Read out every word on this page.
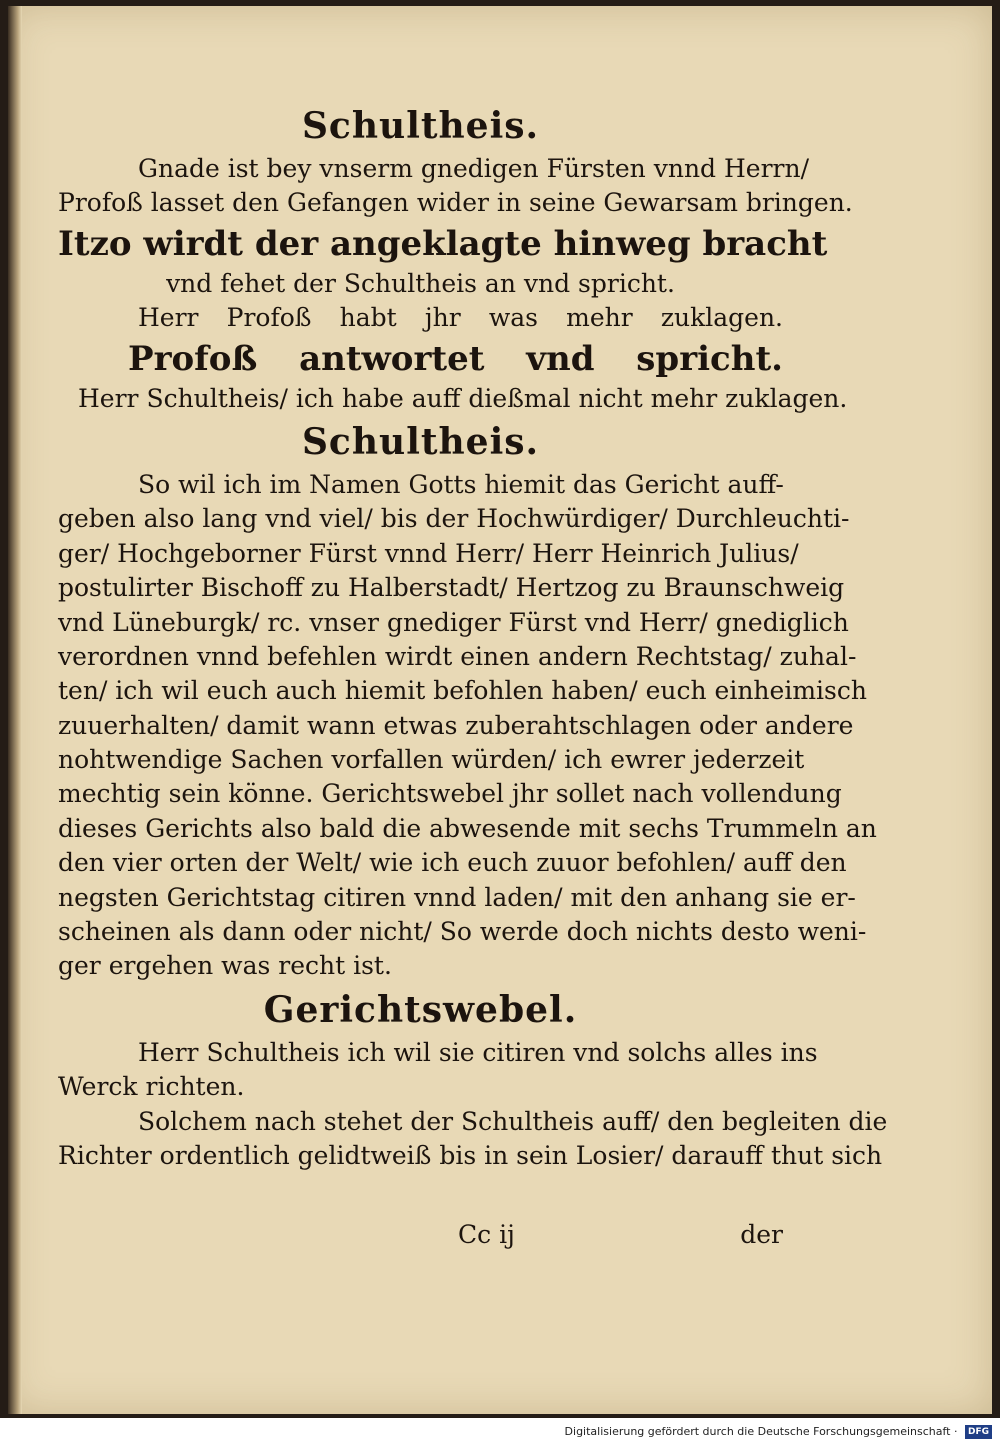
Schultheis.
Gnade ist bey vnserm gnedigen Fürsten vnnd Herrn/
Profoß lasset den Gefangen wider in seine Gewarsam bringen.
Itzo wirdt der angeklagte hinweg bracht
vnd fehet der Schultheis an vnd spricht.
Herr Profoß habt jhr was mehr zuklagen.
Profoß antwortet vnd spricht.
Herr Schultheis/ ich habe auff dießmal nicht mehr zuklagen.
Schultheis.
So wil ich im Namen Gotts hiemit das Gericht auff-
geben also lang vnd viel/ bis der Hochwürdiger/ Durchleuchti-
ger/ Hochgeborner Fürst vnnd Herr/ Herr Heinrich Julius/
postulirter Bischoff zu Halberstadt/ Hertzog zu Braunschweig
vnd Lüneburgk/ rc. vnser gnediger Fürst vnd Herr/ gnediglich
verordnen vnnd befehlen wirdt einen andern Rechtstag/ zuhal-
ten/ ich wil euch auch hiemit befohlen haben/ euch einheimisch
zuuerhalten/ damit wann etwas zuberahtschlagen oder andere
nohtwendige Sachen vorfallen würden/ ich ewrer jederzeit
mechtig sein könne. Gerichtswebel jhr sollet nach vollendung
dieses Gerichts also bald die abwesende mit sechs Trummeln an
den vier orten der Welt/ wie ich euch zuuor befohlen/ auff den
negsten Gerichtstag citiren vnnd laden/ mit den anhang sie er-
scheinen als dann oder nicht/ So werde doch nichts desto weni-
ger ergehen was recht ist.
Gerichtswebel.
Herr Schultheis ich wil sie citiren vnd solchs alles ins
Werck richten.
Solchem nach stehet der Schultheis auff/ den begleiten die
Richter ordentlich gelidtweiß bis in sein Losier/ darauff thut sich
Cc ij	der
Digitalisierung gefördert durch die Deutsche Forschungsgemeinschaft · DFG
